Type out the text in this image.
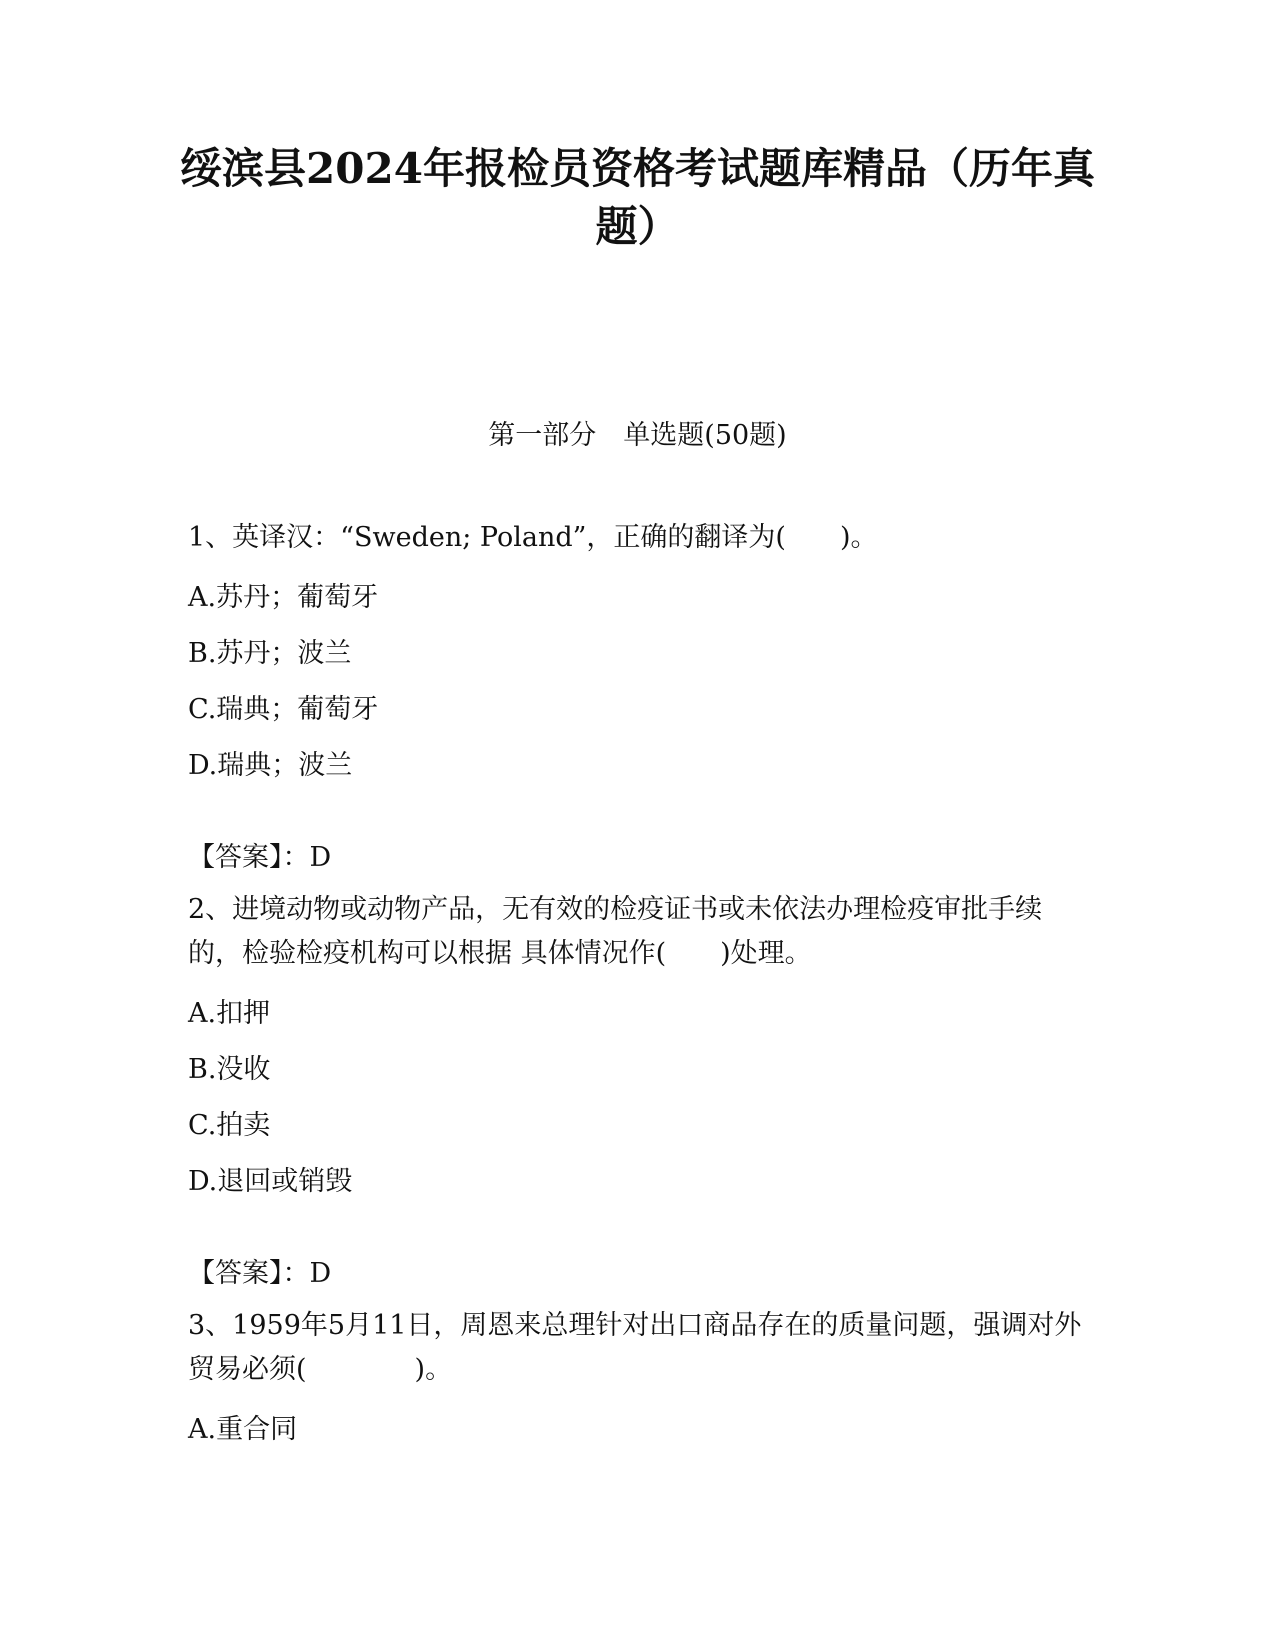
绥滨县2024年报检员资格考试题库精品（历年真题）
第一部分　单选题(50题)

1、英译汉：“Sweden; Poland”，正确的翻译为(　　)。

A.苏丹；葡萄牙

B.苏丹；波兰

C.瑞典；葡萄牙

D.瑞典；波兰

【答案】：D

2、进境动物或动物产品，无有效的检疫证书或未依法办理检疫审批手续的，检验检疫机构可以根据 具体情况作(　　)处理。

A.扣押

B.没收

C.拍卖

D.退回或销毁

【答案】：D

3、1959年5月11日，周恩来总理针对出口商品存在的质量问题，强调对外贸易必须(　　　　)。

A.重合同
